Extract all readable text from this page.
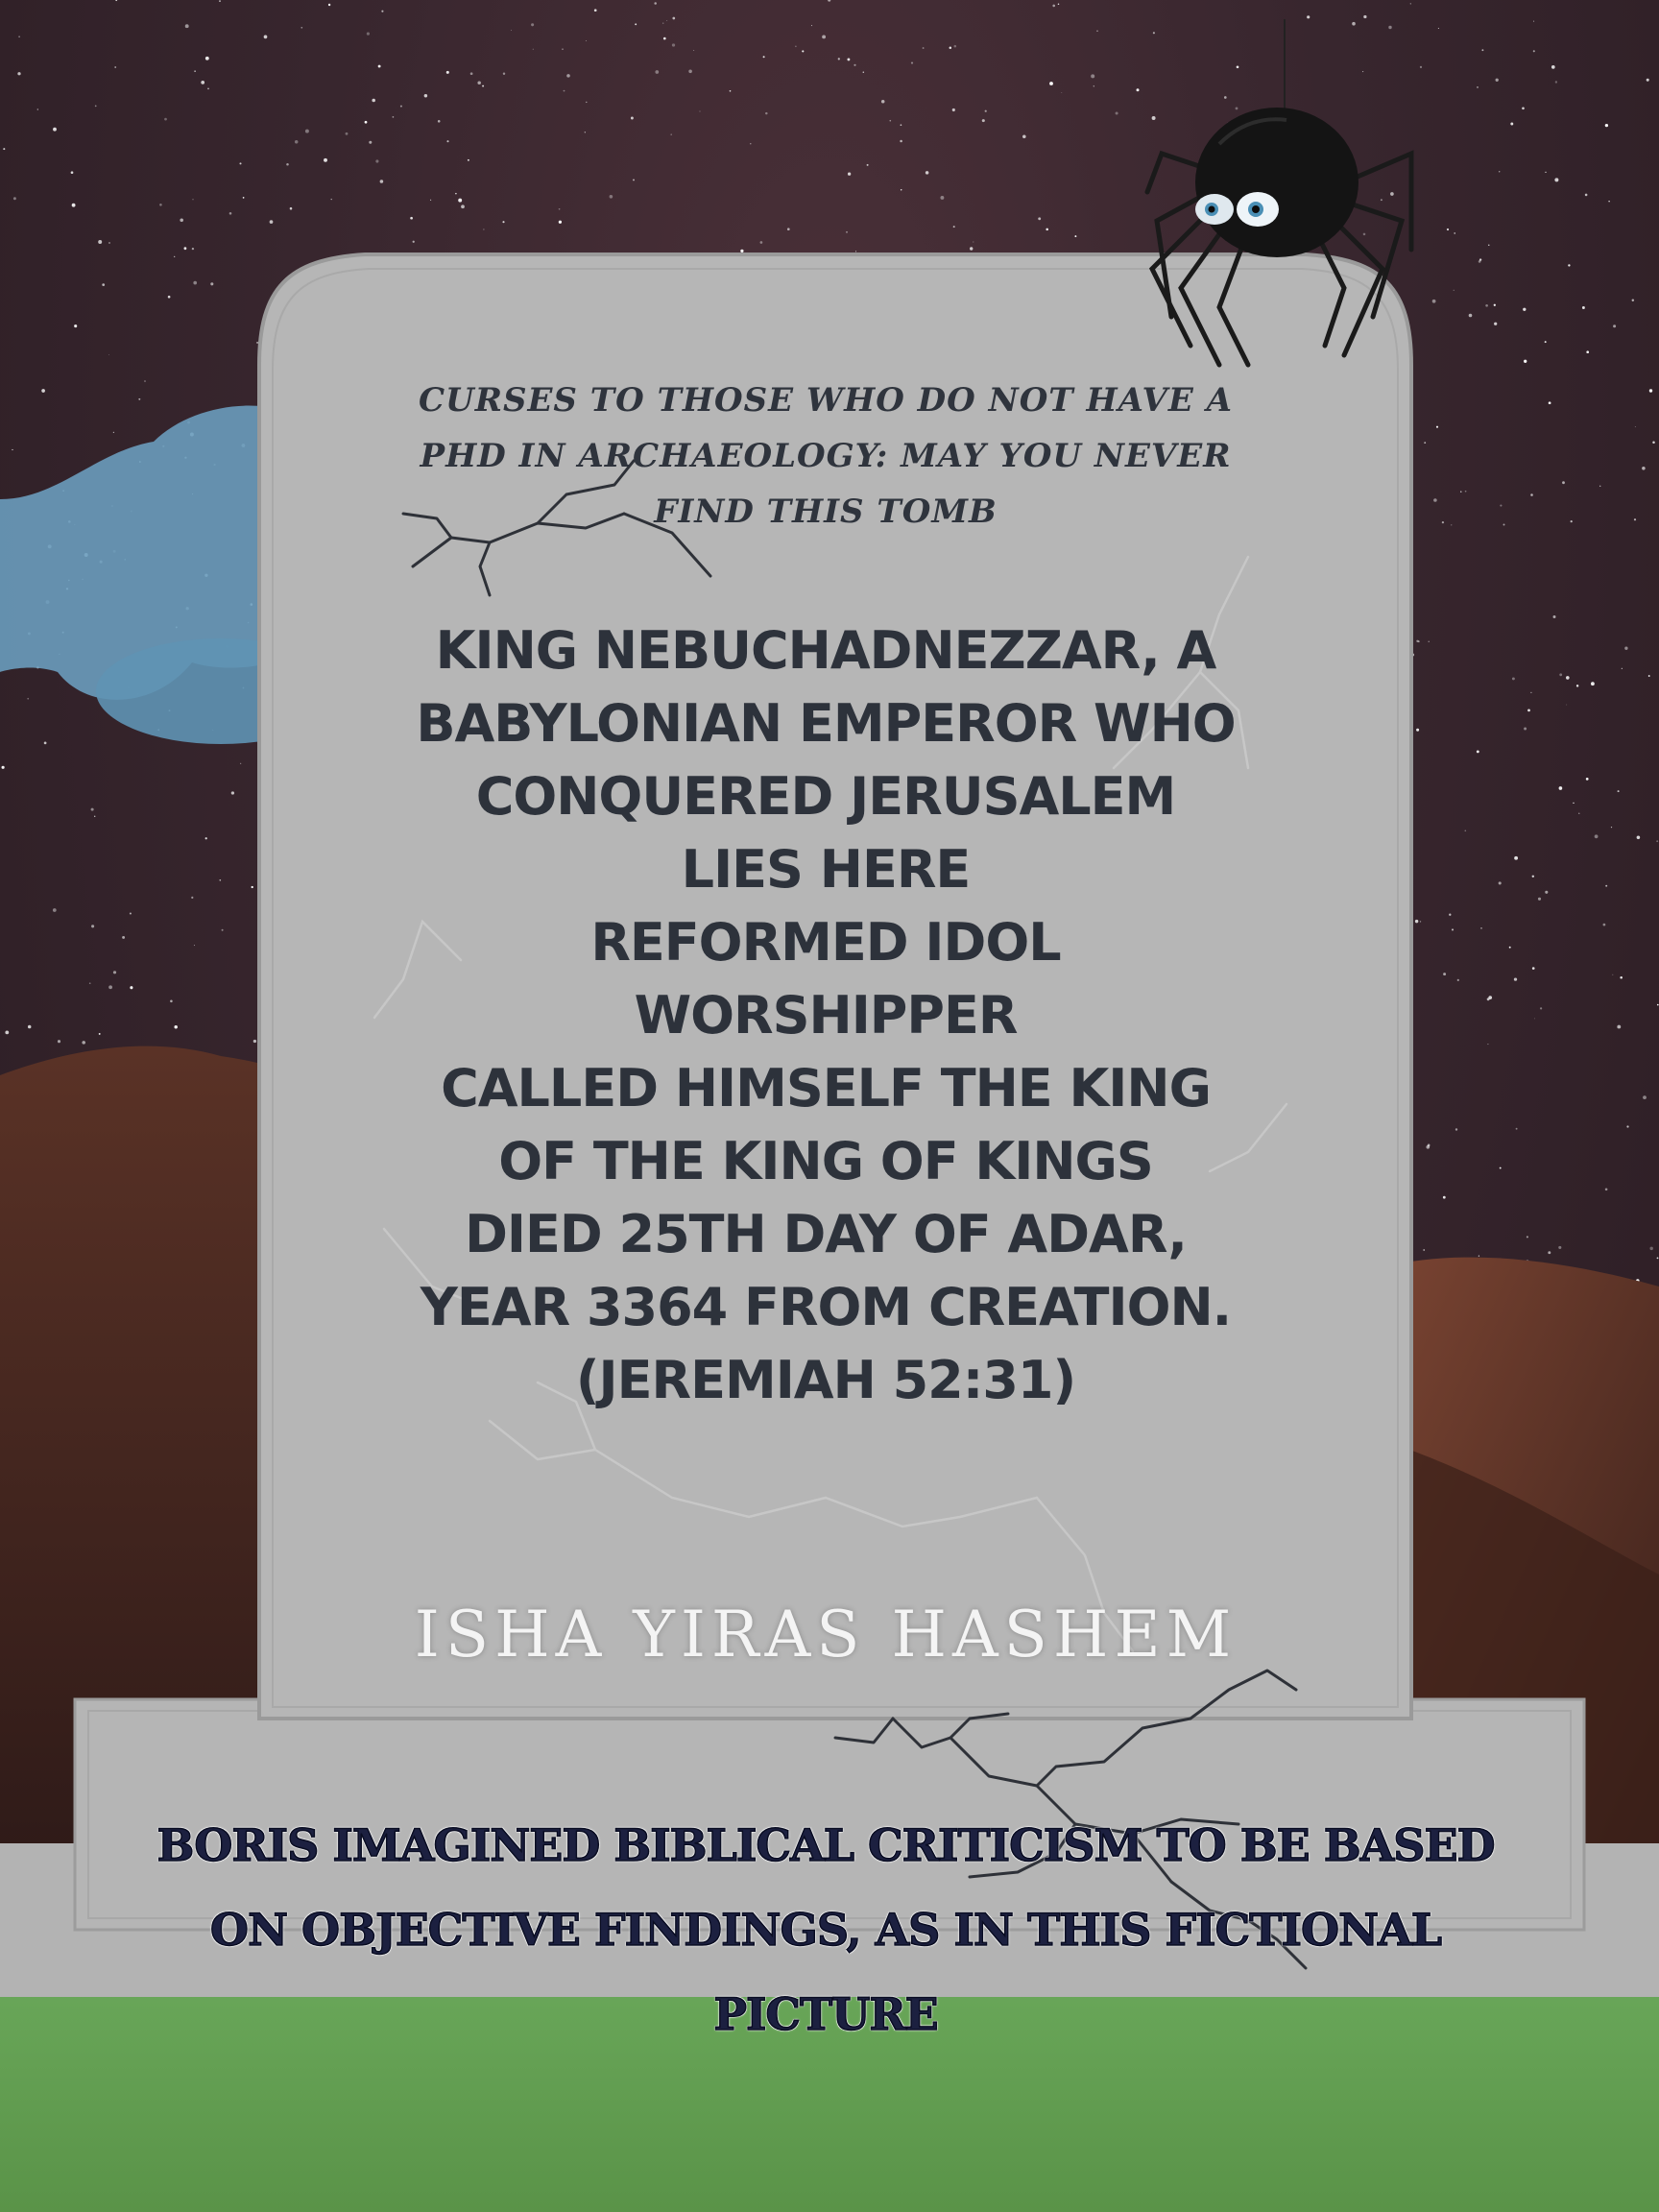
CURSES TO THOSE WHO DO NOT HAVE A
PHD IN ARCHAEOLOGY: MAY YOU NEVER
FIND THIS TOMB
KING NEBUCHADNEZZAR, A
BABYLONIAN EMPEROR WHO
CONQUERED JERUSALEM
LIES HERE
REFORMED IDOL
WORSHIPPER
CALLED HIMSELF THE KING
OF THE KING OF KINGS
DIED 25TH DAY OF ADAR,
YEAR 3364 FROM CREATION.
(JEREMIAH 52:31)
ISHA YIRAS HASHEM
BORIS IMAGINED BIBLICAL CRITICISM TO BE BASED
ON OBJECTIVE FINDINGS, AS IN THIS FICTIONAL
PICTURE
